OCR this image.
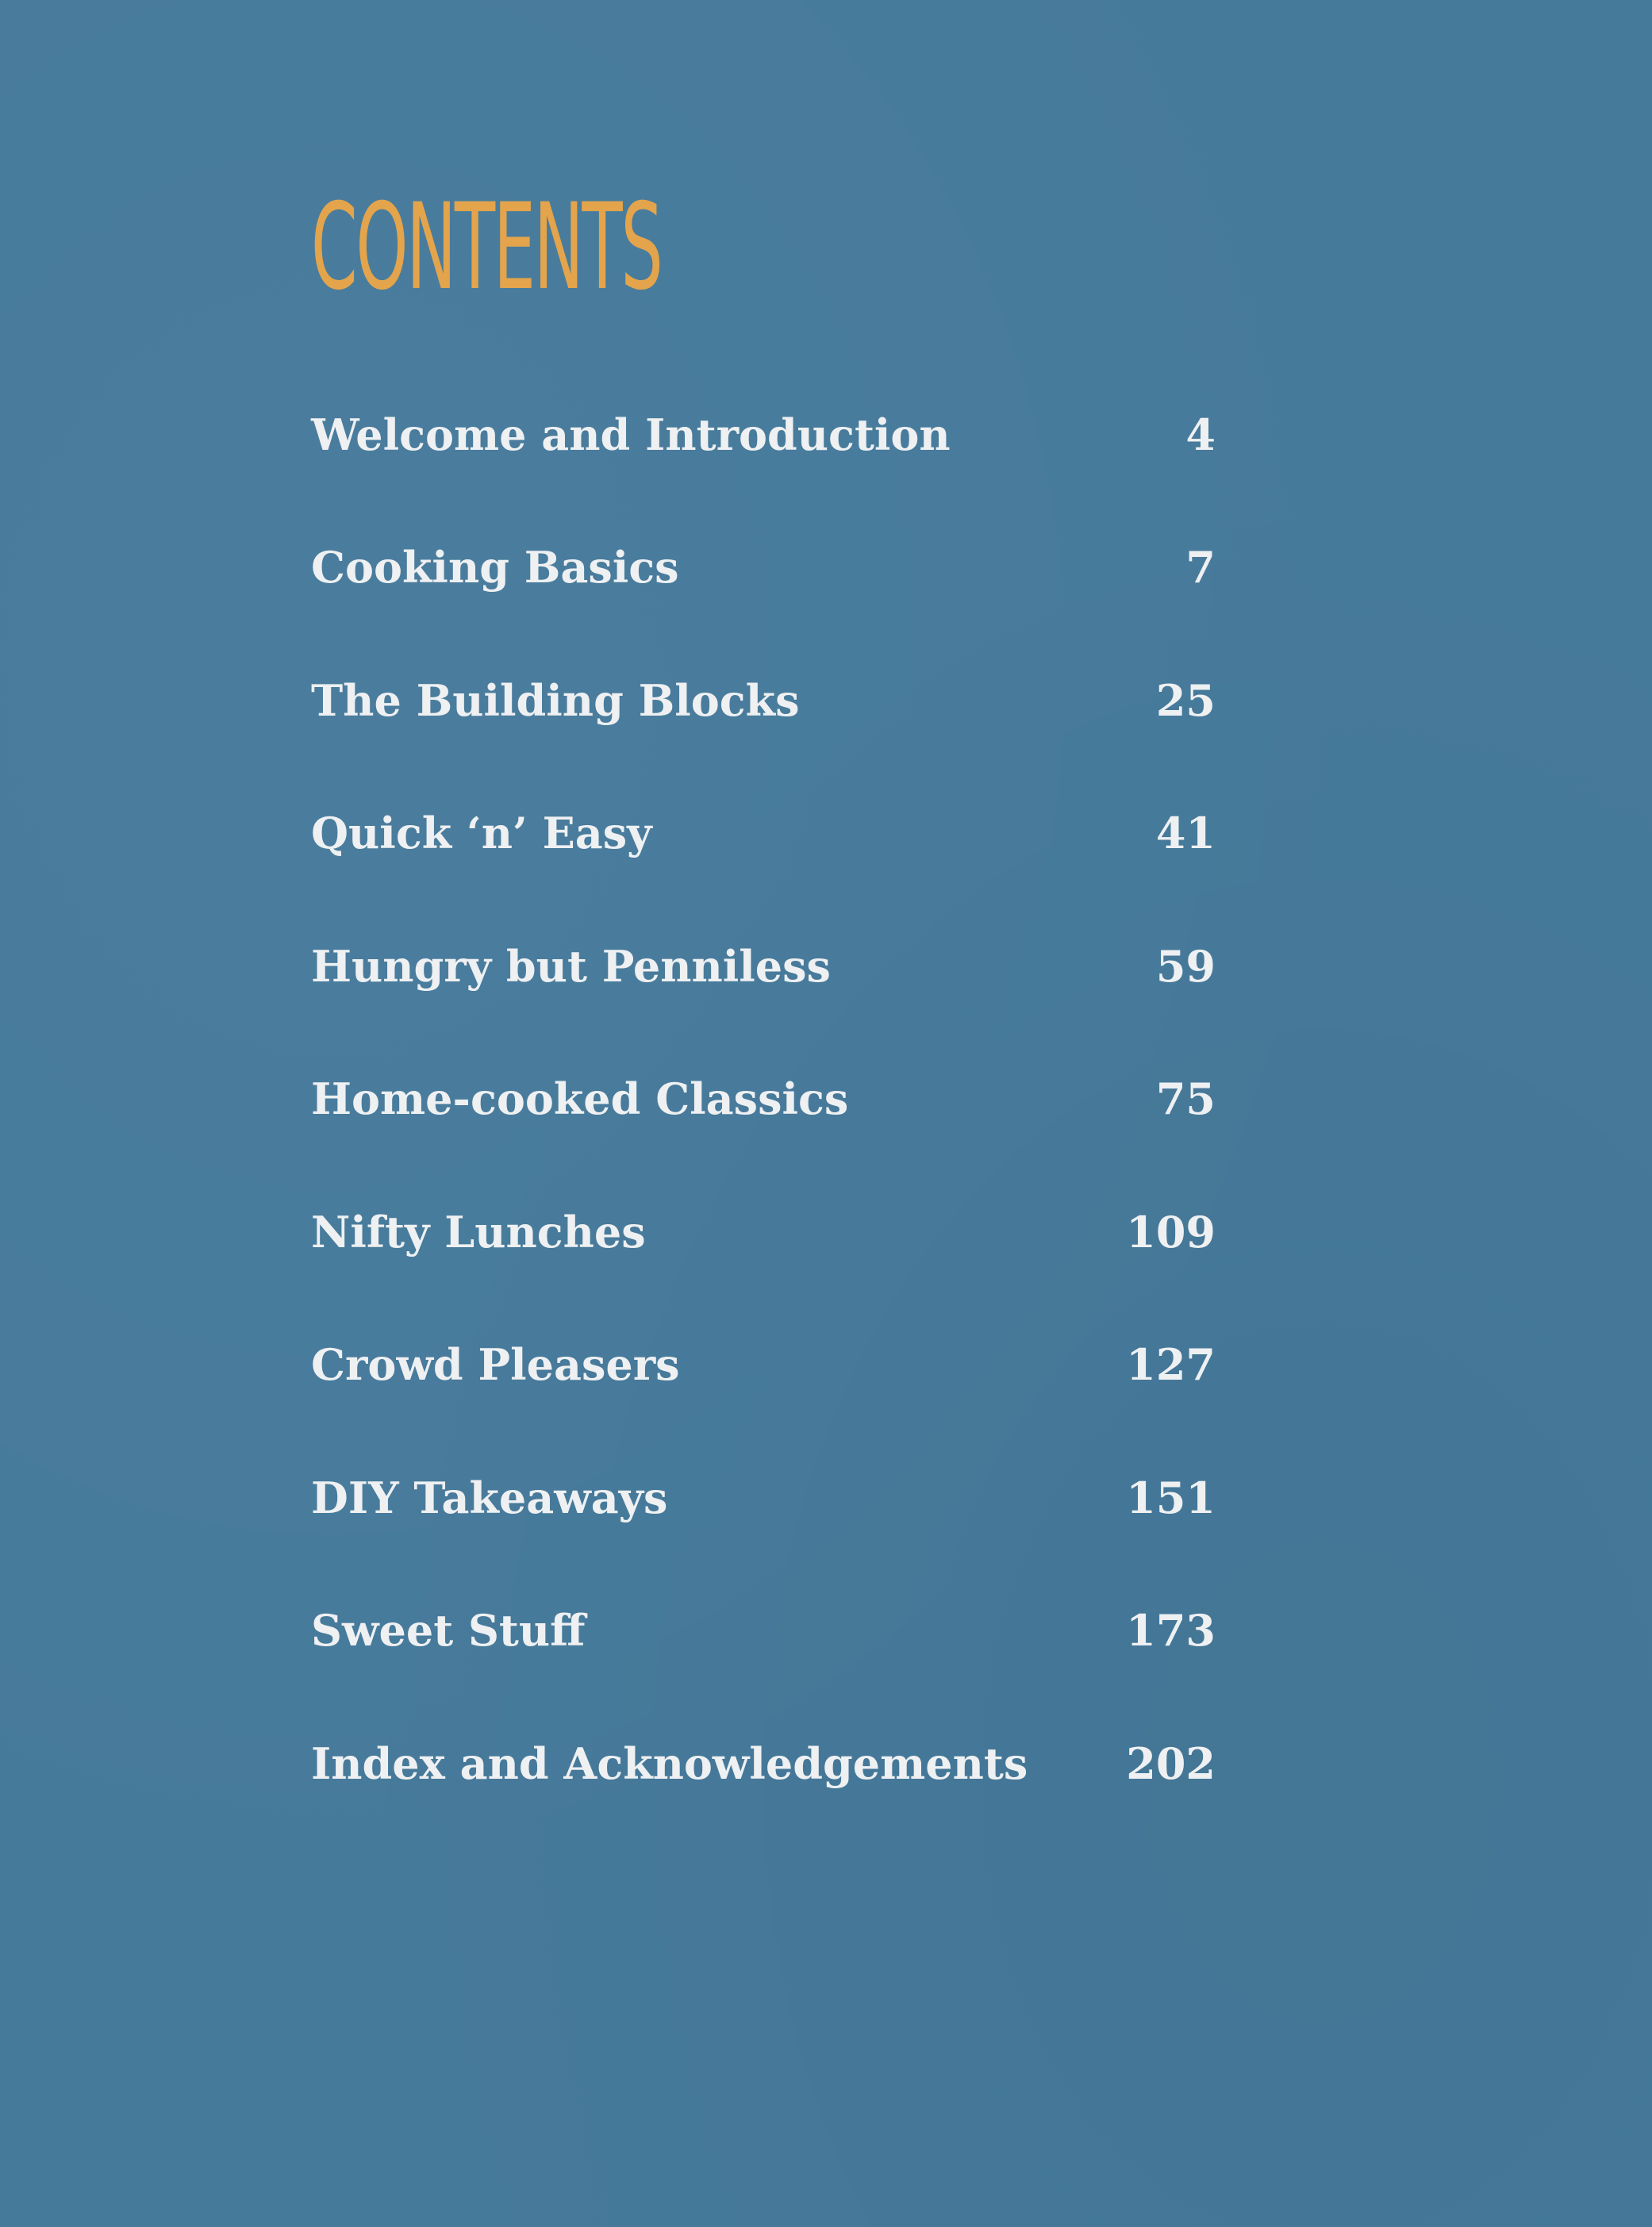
CONTENTS
Welcome and Introduction	4
Cooking Basics	7
The Building Blocks	25
Quick ‘n’ Easy	41
Hungry but Penniless	59
Home-cooked Classics	75
Nifty Lunches	109
Crowd Pleasers	127
DIY Takeaways	151
Sweet Stuff	173
Index and Acknowledgements	202
